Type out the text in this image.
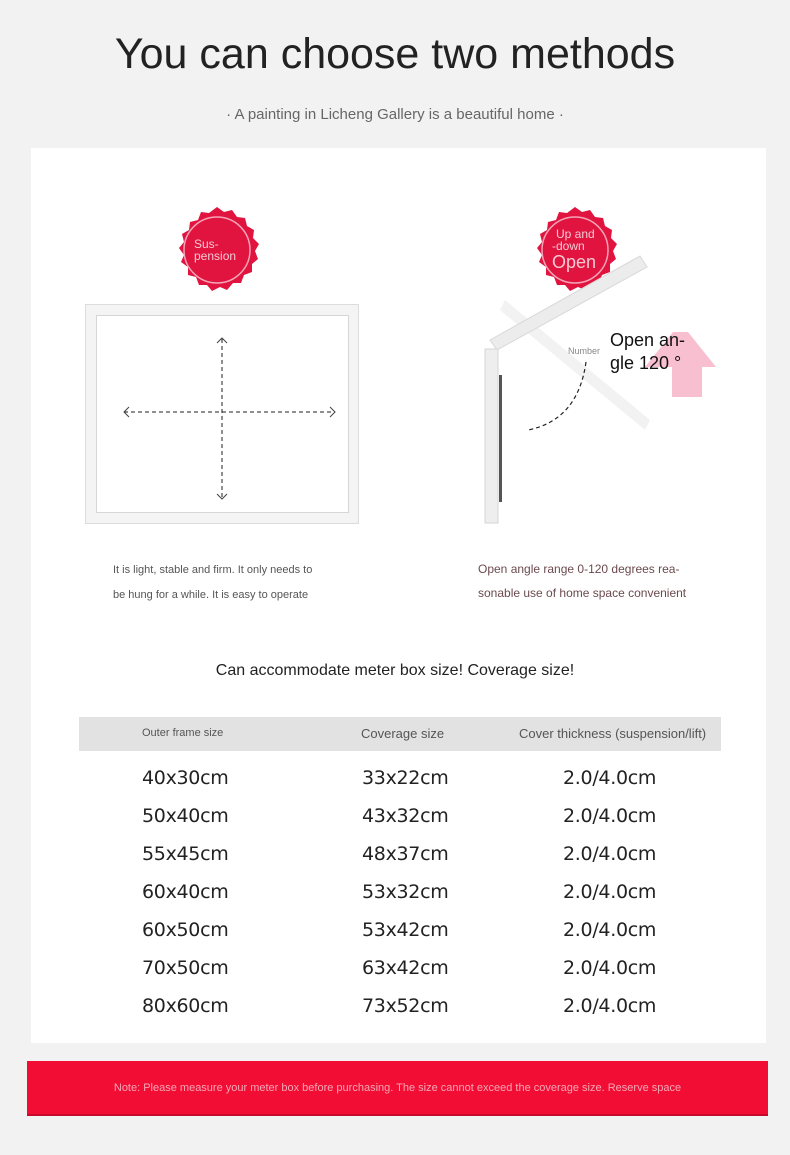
You can choose two methods
· A painting in Licheng Gallery is a beautiful home ·
Sus-
pension
Up and
-down
Open
Number
Open an-
gle 120 °
It is light, stable and firm. It only needs to
be hung for a while. It is easy to operate
Open angle range 0-120 degrees rea-
sonable use of home space convenient
Can accommodate meter box size! Coverage size!
Outer frame size	Coverage size	Cover thickness (suspension/lift)
40x30cm	33x22cm	2.0/4.0cm
50x40cm	43x32cm	2.0/4.0cm
55x45cm	48x37cm	2.0/4.0cm
60x40cm	53x32cm	2.0/4.0cm
60x50cm	53x42cm	2.0/4.0cm
70x50cm	63x42cm	2.0/4.0cm
80x60cm	73x52cm	2.0/4.0cm
Note: Please measure your meter box before purchasing. The size cannot exceed the coverage size. Reserve space
